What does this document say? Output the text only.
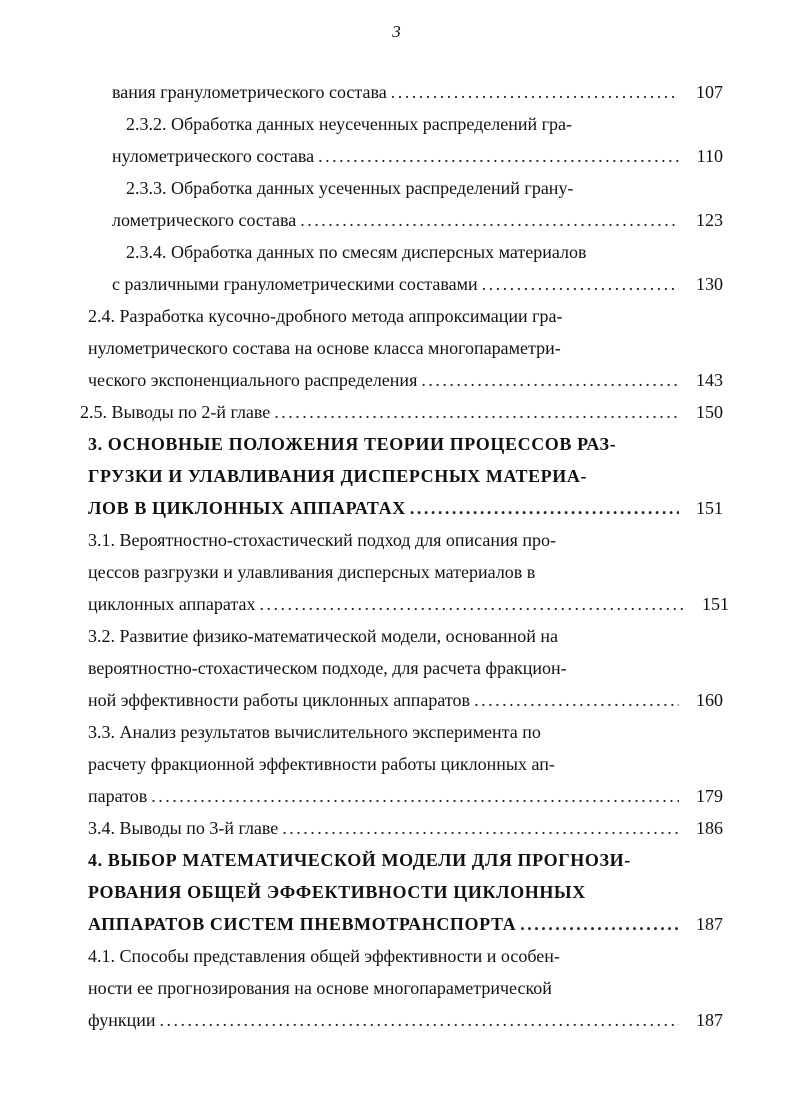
3
вания гранулометрического состава . . .	107
2.3.2. Обработка данных неусеченных распределений гра-
нулометрического состава . . .	110
2.3.3. Обработка данных усеченных распределений грану-
лометрического состава . . .	123
2.3.4. Обработка данных по смесям дисперсных материалов
с различными гранулометрическими составами . . .	130
2.4. Разработка кусочно-дробного метода аппроксимации гра-
нулометрического состава на основе класса многопараметри-
ческого экспоненциального распределения . . .	143
2.5. Выводы по 2-й главе . . .	150
3. ОСНОВНЫЕ ПОЛОЖЕНИЯ ТЕОРИИ ПРОЦЕССОВ РАЗ-
ГРУЗКИ И УЛАВЛИВАНИЯ ДИСПЕРСНЫХ МАТЕРИА-
ЛОВ В ЦИКЛОННЫХ АППАРАТАХ . . .	151
3.1. Вероятностно-стохастический подход для описания про-
цессов разгрузки и улавливания дисперсных материалов в
циклонных аппаратах . . .	151
3.2. Развитие физико-математической модели, основанной на
вероятностно-стохастическом подходе, для расчета фракцион-
ной эффективности работы циклонных аппаратов . . .	160
3.3. Анализ результатов вычислительного эксперимента по
расчету фракционной эффективности работы циклонных ап-
паратов . . .	179
3.4. Выводы по 3-й главе . . .	186
4. ВЫБОР МАТЕМАТИЧЕСКОЙ МОДЕЛИ ДЛЯ ПРОГНОЗИ-
РОВАНИЯ ОБЩЕЙ ЭФФЕКТИВНОСТИ ЦИКЛОННЫХ
АППАРАТОВ СИСТЕМ ПНЕВМОТРАНСПОРТА . . .	187
4.1. Способы представления общей эффективности и особен-
ности ее прогнозирования на основе многопараметрической
функции . . .	187
